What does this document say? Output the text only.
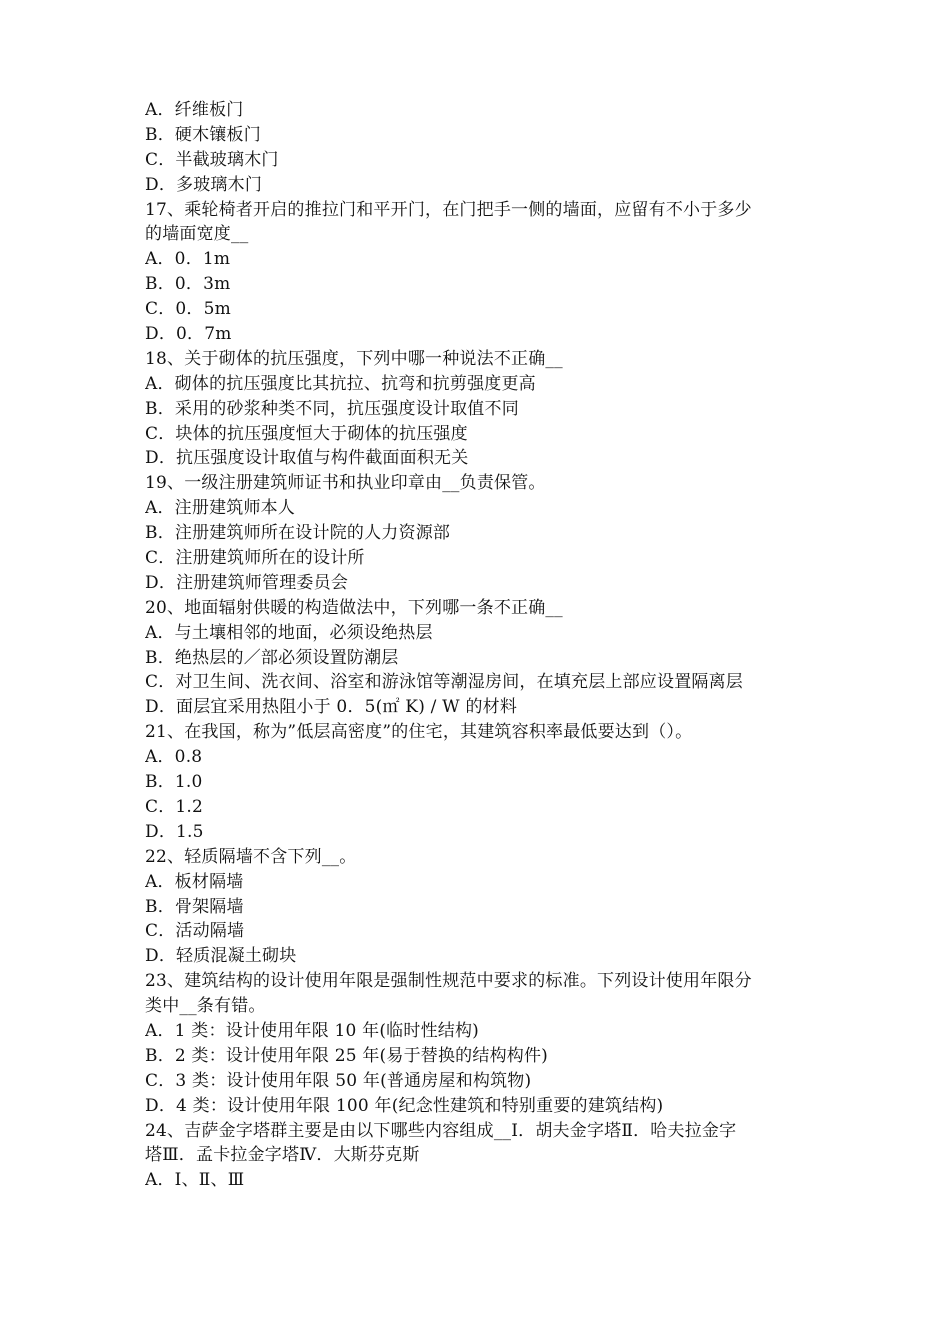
A．纤维板门
B．硬木镶板门
C．半截玻璃木门
D．多玻璃木门
17、乘轮椅者开启的推拉门和平开门，在门把手一侧的墙面，应留有不小于多少
的墙面宽度__
A．0．1m
B．0．3m
C．0．5m
D．0．7m
18、关于砌体的抗压强度，下列中哪一种说法不正确__
A．砌体的抗压强度比其抗拉、抗弯和抗剪强度更高
B．采用的砂浆种类不同，抗压强度设计取值不同
C．块体的抗压强度恒大于砌体的抗压强度
D．抗压强度设计取值与构件截面面积无关
19、一级注册建筑师证书和执业印章由__负责保管。
A．注册建筑师本人
B．注册建筑师所在设计院的人力资源部
C．注册建筑师所在的设计所
D．注册建筑师管理委员会
20、地面辐射供暖的构造做法中，下列哪一条不正确__
A．与土壤相邻的地面，必须设绝热层
B．绝热层的／部必须设置防潮层
C．对卫生间、洗衣间、浴室和游泳馆等潮湿房间，在填充层上部应设置隔离层
D．面层宜采用热阻小于 0．5(㎡ K) / W 的材料
21、在我国，称为”低层高密度”的住宅，其建筑容积率最低要达到（）。
A．0.8
B．1.0
C．1.2
D．1.5
22、轻质隔墙不含下列__。
A．板材隔墙
B．骨架隔墙
C．活动隔墙
D．轻质混凝土砌块
23、建筑结构的设计使用年限是强制性规范中要求的标准。下列设计使用年限分
类中__条有错。
A．1 类：设计使用年限 10 年(临时性结构)
B．2 类：设计使用年限 25 年(易于替换的结构构件)
C．3 类：设计使用年限 50 年(普通房屋和构筑物)
D．4 类：设计使用年限 100 年(纪念性建筑和特别重要的建筑结构)
24、吉萨金字塔群主要是由以下哪些内容组成__Ⅰ．胡夫金字塔Ⅱ．哈夫拉金字
塔Ⅲ．孟卡拉金字塔Ⅳ．大斯芬克斯
A．Ⅰ、Ⅱ、Ⅲ
